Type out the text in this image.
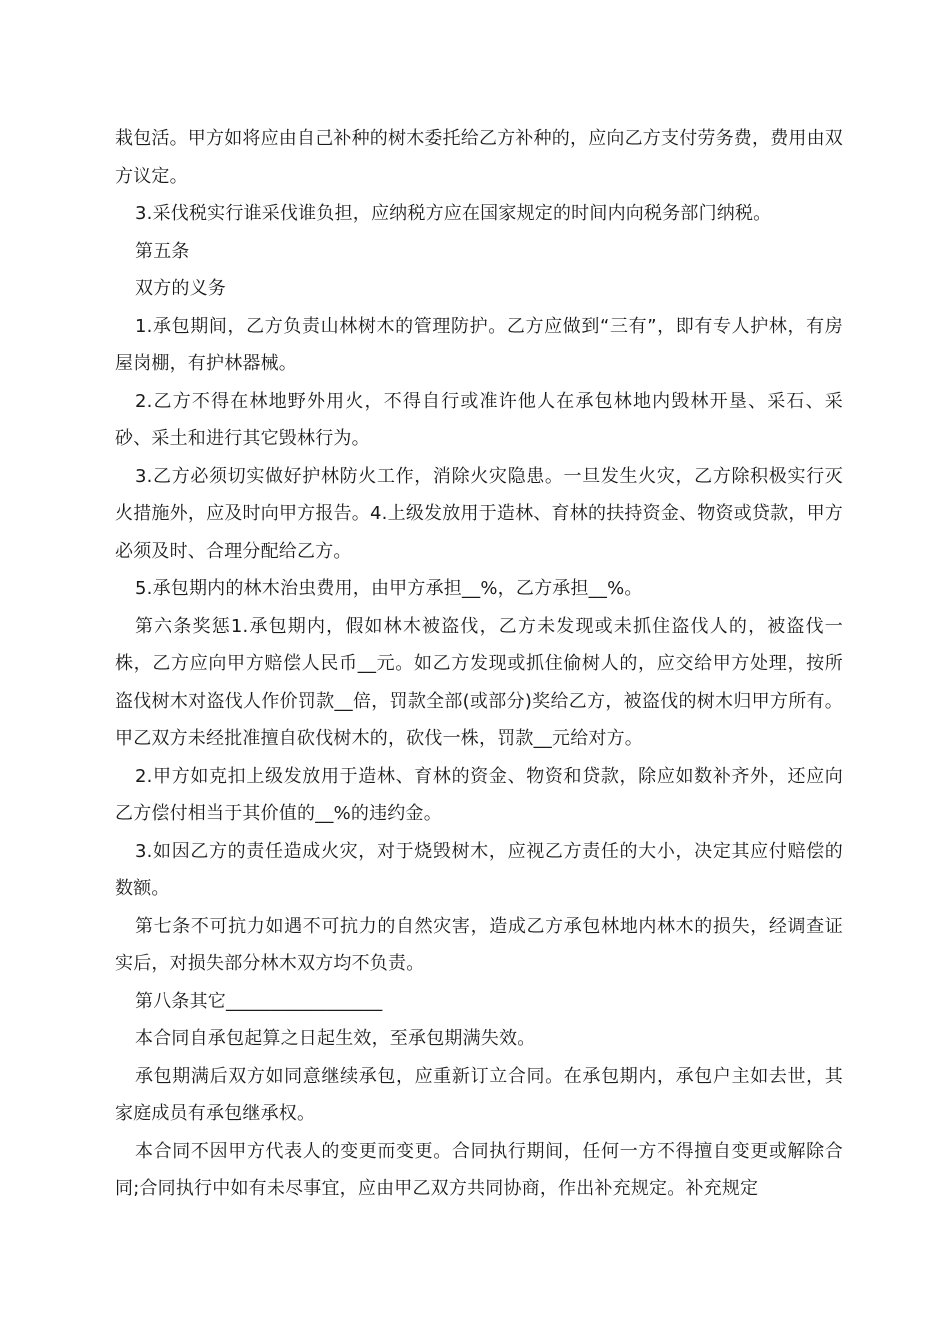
栽包活。甲方如将应由自己补种的树木委托给乙方补种的，应向乙方支付劳务费，费用由双方议定。

3.采伐税实行谁采伐谁负担，应纳税方应在国家规定的时间内向税务部门纳税。

第五条

双方的义务

1.承包期间，乙方负责山林树木的管理防护。乙方应做到“三有”，即有专人护林，有房屋岗棚，有护林器械。

2.乙方不得在林地野外用火，不得自行或准许他人在承包林地内毁林开垦、采石、采砂、采土和进行其它毁林行为。

3.乙方必须切实做好护林防火工作，消除火灾隐患。一旦发生火灾，乙方除积极实行灭火措施外，应及时向甲方报告。4.上级发放用于造林、育林的扶持资金、物资或贷款，甲方必须及时、合理分配给乙方。

5.承包期内的林木治虫费用，由甲方承担__%，乙方承担__%。

第六条奖惩1.承包期内，假如林木被盗伐，乙方未发现或未抓住盗伐人的，被盗伐一株，乙方应向甲方赔偿人民币__元。如乙方发现或抓住偷树人的，应交给甲方处理，按所盗伐树木对盗伐人作价罚款__倍，罚款全部(或部分)奖给乙方，被盗伐的树木归甲方所有。甲乙双方未经批准擅自砍伐树木的，砍伐一株，罚款__元给对方。

2.甲方如克扣上级发放用于造林、育林的资金、物资和贷款，除应如数补齐外，还应向乙方偿付相当于其价值的__%的违约金。

3.如因乙方的责任造成火灾，对于烧毁树木，应视乙方责任的大小，决定其应付赔偿的数额。

第七条不可抗力如遇不可抗力的自然灾害，造成乙方承包林地内林木的损失，经调查证实后，对损失部分林木双方均不负责。

第八条其它_________________

本合同自承包起算之日起生效，至承包期满失效。

承包期满后双方如同意继续承包，应重新订立合同。在承包期内，承包户主如去世，其家庭成员有承包继承权。

本合同不因甲方代表人的变更而变更。合同执行期间，任何一方不得擅自变更或解除合同;合同执行中如有未尽事宜，应由甲乙双方共同协商，作出补充规定。补充规定
